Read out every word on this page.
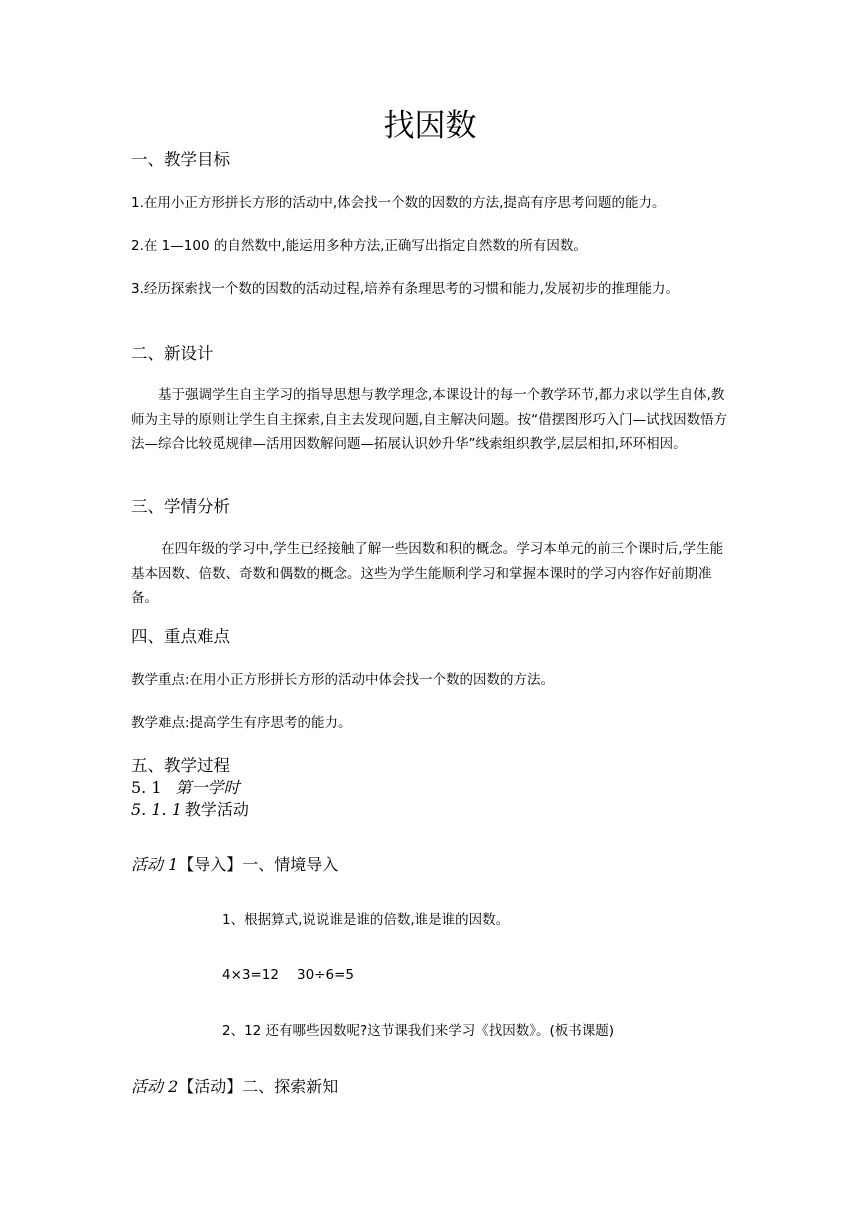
找因数
一、教学目标
1.在用小正方形拼长方形的活动中,体会找一个数的因数的方法,提高有序思考问题的能力。
2.在 1—100 的自然数中,能运用多种方法,正确写出指定自然数的所有因数。
3.经历探索找一个数的因数的活动过程,培养有条理思考的习惯和能力,发展初步的推理能力。
二、新设计
基于强调学生自主学习的指导思想与教学理念,本课设计的每一个教学环节,都力求以学生自体,教师为主导的原则让学生自主探索,自主去发现问题,自主解决问题。按“借摆图形巧入门—试找因数悟方法—综合比较觅规律—活用因数解问题—拓展认识妙升华”线索组织教学,层层相扣,环环相因。
三、学情分析
在四年级的学习中,学生已经接触了解一些因数和积的概念。学习本单元的前三个课时后,学生能基本因数、倍数、奇数和偶数的概念。这些为学生能顺利学习和掌握本课时的学习内容作好前期准备。
四、重点难点
教学重点:在用小正方形拼长方形的活动中体会找一个数的因数的方法。
教学难点:提高学生有序思考的能力。
五、教学过程
5. 1 第一学时
5. 1. 1 教学活动
活动 1【导入】一、情境导入
1、根据算式,说说谁是谁的倍数,谁是谁的因数。
4×3=12 30÷6=5
2、12 还有哪些因数呢?这节课我们来学习《找因数》。(板书课题)
活动 2【活动】二、探索新知
